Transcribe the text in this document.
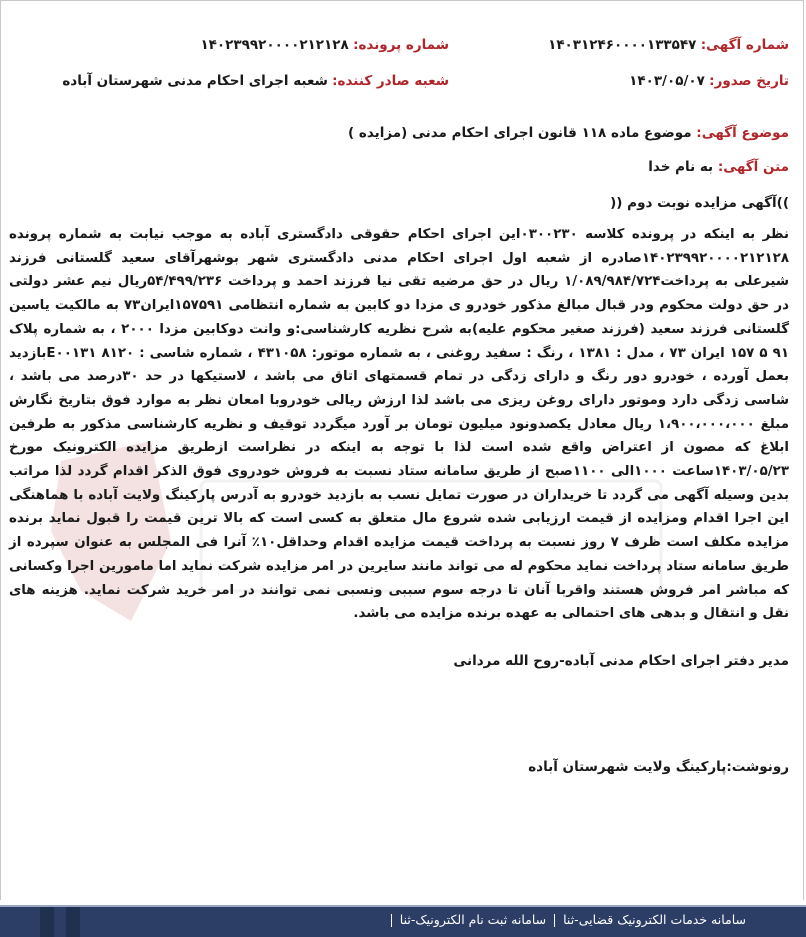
شماره آگهی: ۱۴۰۳۱۲۴۶۰۰۰۰۱۳۳۵۴۷
شماره پرونده: ۱۴۰۲۳۹۹۲۰۰۰۰۲۱۲۱۲۸
تاریخ صدور: ۱۴۰۳/۰۵/۰۷
شعبه صادر کننده: شعبه اجرای احکام مدنی شهرستان آباده
موضوع آگهی: موضوع ماده ۱۱۸ قانون اجرای احکام مدنی (مزایده )
متن آگهی: به نام خدا
))آگهی مزایده نوبت دوم ((
نظر به اینکه در پرونده کلاسه ۰۳۰۰۲۳۰این اجرای احکام حقوقی دادگستری آباده به موجب نیابت به شماره پرونده ۱۴۰۲۳۹۹۲۰۰۰۰۲۱۲۱۲۸صادره از شعبه اول اجرای احکام مدنی دادگستری شهر بوشهرآقای سعید گلستانی فرزند شیرعلی به پرداخت۱/۰۸۹/۹۸۴/۷۲۴ ریال در حق مرضیه تقی نیا فرزند احمد و پرداخت ۵۴/۴۹۹/۲۳۶ریال نیم عشر دولتی در حق دولت محکوم ودر قبال مبالغ مذکور خودرو ی مزدا دو کابین به شماره انتظامی ۱۵۷۵۹۱ایران۷۳ به مالکیت یاسین گلستانی فرزند سعید (فرزند صغیر محکوم علیه)به شرح نظریه کارشناسی:و وانت دوکابین مزدا ۲۰۰۰ ، به شماره پلاک ۹۱ ۵ ۱۵۷ ایران ۷۳ ، مدل : ۱۳۸۱ ، رنگ : سفید روغنی ، به شماره موتور: ۴۳۱۰۵۸ ، شماره شاسی : E۰۰۱۳۱ ۸۱۲۰بازدید بعمل آورده ، خودرو دور رنگ و دارای زدگی در تمام قسمتهای اتاق می باشد ، لاستیکها در حد ۳۰درصد می باشد ، شاسی زدگی دارد وموتور دارای روغن ریزی می باشد لذا ارزش ریالی خودروبا امعان نظر به موارد فوق بتاریخ نگارش مبلغ ۱،۹۰۰،۰۰۰،۰۰۰ ریال معادل یکصدونود میلیون تومان بر آورد میگردد توقیف و نظریه کارشناسی مذکور به طرفین ابلاغ که مصون از اعتراض واقع شده است لذا با توجه به اینکه در نظراست ازطریق مزایده الکترونیک مورخ ۱۴۰۳/۰۵/۲۳ساعت ۱۰۰۰الی ۱۱۰۰صبح از طریق سامانه ستاد نسبت به فروش خودروی فوق الذکر اقدام گردد لذا مراتب بدین وسیله آگهی می گردد تا خریداران در صورت تمایل نسب به بازدید خودرو به آدرس پارکینگ ولایت آباده با هماهنگی این اجرا اقدام ومزایده از قیمت ارزیابی شده شروع مال متعلق به کسی است که بالا ترین قیمت را قبول نماید برنده مزایده مکلف است ظرف ۷ روز نسبت به پرداخت قیمت مزایده اقدام وحداقل۱۰٪ آنرا فی المجلس به عنوان سپرده از طریق سامانه ستاد پرداخت نماید محکوم له می تواند مانند سایرین در امر مزایده شرکت نماید اما مامورین اجرا وکسانی که مباشر امر فروش هستند واقربا آنان تا درجه سوم سببی ونسبی نمی توانند در امر خرید شرکت نماید. هزینه های نقل و انتقال و بدهی های احتمالی به عهده برنده مزایده می باشد.
مدیر دفتر اجرای احکام مدنی آباده-روح الله مردانی
رونوشت:پارکینگ ولایت شهرستان آباده
سامانه خدمات الکترونیک قضایی-ثناسامانه ثبت نام الکترونیک-ثنا
